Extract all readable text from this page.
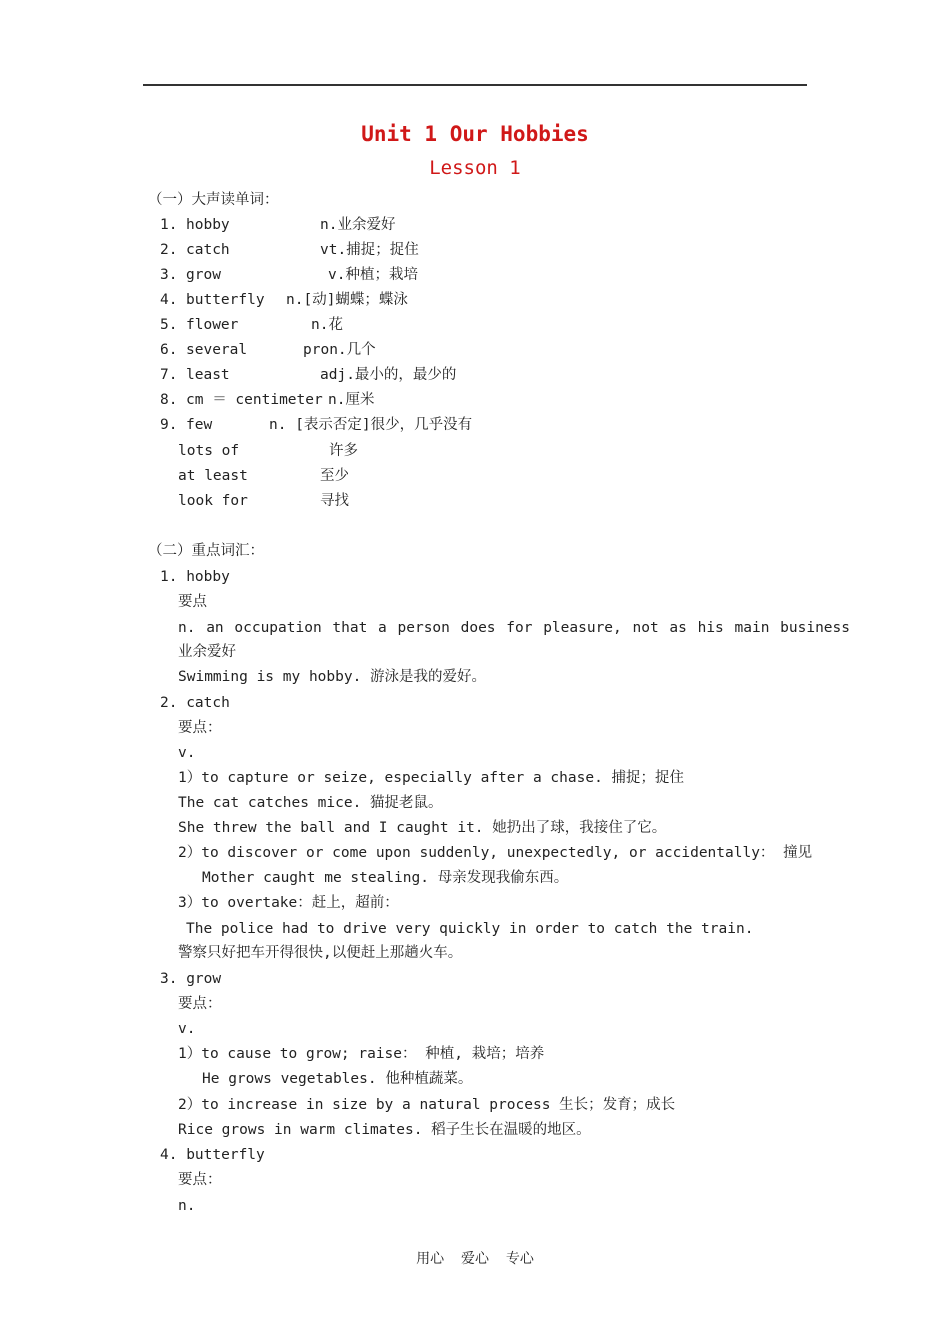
Unit 1 Our Hobbies
Lesson 1
（一）大声读单词：
1. hobby	n.业余爱好
2. catch	vt.捕捉；捉住
3. grow	v.种植；栽培
4. butterfly n.[动]蝴蝶；蝶泳
5. flower	n.花
6. several	pron.几个
7. least	adj.最小的，最少的
8. cm ＝ centimeter n.厘米
9. few	n. [表示否定]很少，几乎没有
lots of	许多
at least	至少
look for	寻找
（二）重点词汇：
1. hobby
要点
n. an occupation that a person does for pleasure, not as his main business
业余爱好
Swimming is my hobby. 游泳是我的爱好。
2. catch
要点：
v.
1）to capture or seize, especially after a chase. 捕捉；捉住
The cat catches mice. 猫捉老鼠。
She threw the ball and I caught it. 她扔出了球，我接住了它。
2）to discover or come upon suddenly, unexpectedly, or accidentally： 撞见
Mother caught me stealing. 母亲发现我偷东西。
3）to overtake：赶上，超前：
The police had to drive very quickly in order to catch the train.
警察只好把车开得很快,以便赶上那趟火车。
3. grow
要点：
v.
1）to cause to grow; raise： 种植, 栽培；培养
He grows vegetables. 他种植蔬菜。
2）to increase in size by a natural process 生长；发育；成长
Rice grows in warm climates. 稻子生长在温暖的地区。
4. butterfly
要点：
n.
用心  爱心  专心
